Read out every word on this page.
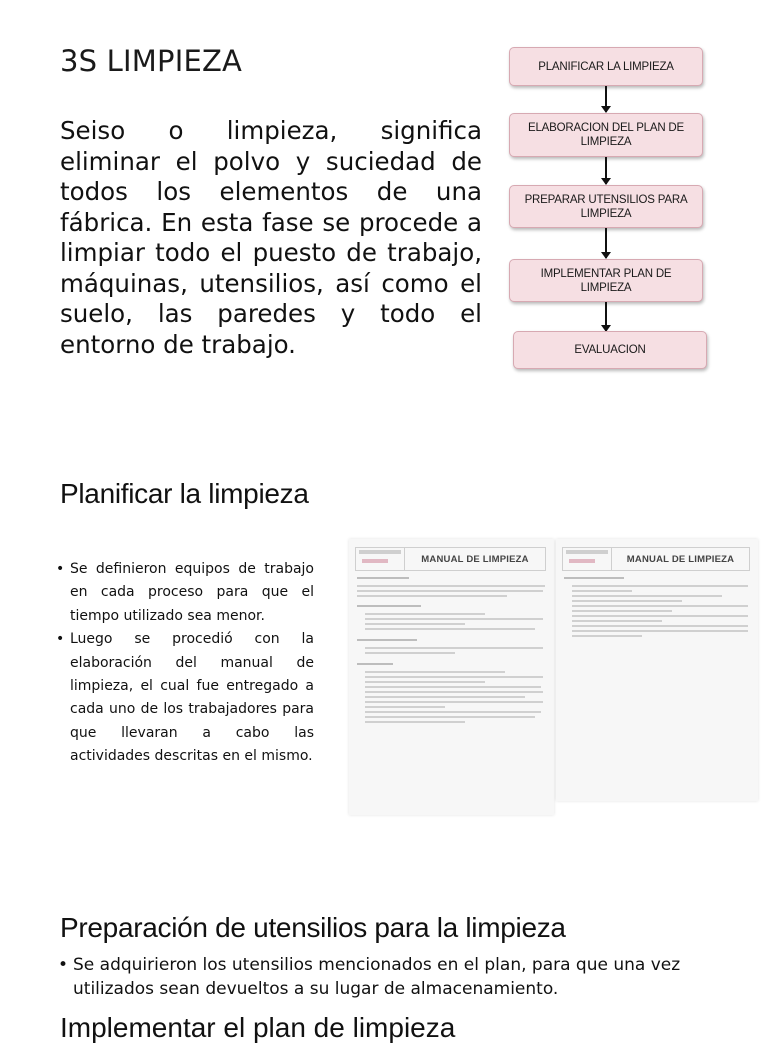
3S LIMPIEZA
Seiso o limpieza, significa eliminar el polvo y suciedad de todos los elementos de una fábrica. En esta fase se procede a limpiar todo el puesto de trabajo, máquinas, utensilios, así como el suelo, las paredes y todo el entorno de trabajo.
PLANIFICAR LA LIMPIEZA
ELABORACION DEL PLAN DE LIMPIEZA
PREPARAR UTENSILIOS PARA LIMPIEZA
IMPLEMENTAR PLAN DE LIMPIEZA
EVALUACION
Planificar la limpieza
• Se definieron equipos de trabajo en cada proceso para que el tiempo utilizado sea menor.
• Luego se procedió con la elaboración del manual de limpieza, el cual fue entregado a cada uno de los trabajadores para que llevaran a cabo las actividades descritas en el mismo.
MANUAL DE LIMPIEZA	MANUAL DE LIMPIEZA
Preparación de utensilios para la limpieza
• Se adquirieron los utensilios mencionados en el plan, para que una vez utilizados sean devueltos a su lugar de almacenamiento.
Implementar el plan de limpieza
